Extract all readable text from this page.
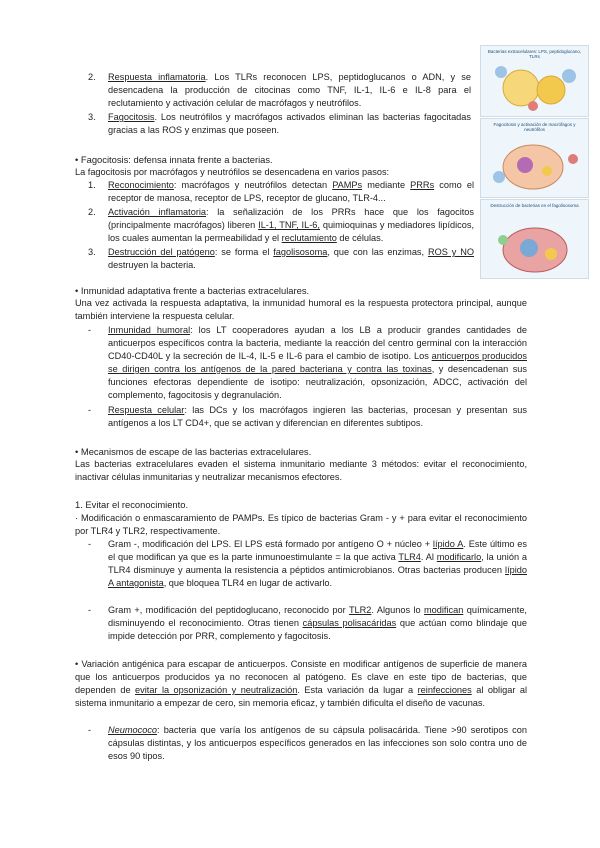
Bacterias extracelulares: LPS, peptidoglucano, TLRs
Fagocitosis y activación de macrófagos y neutrófilos
Destrucción de bacterias en el fagolisosoma
2. Respuesta inflamatoria. Los TLRs reconocen LPS, peptidoglucanos o ADN, y se desencadena la producción de citocinas como TNF, IL-1, IL-6 e IL-8 para el reclutamiento y activación celular de macrófagos y neutrófilos.
3. Fagocitosis. Los neutrófilos y macrófagos activados eliminan las bacterias fagocitadas gracias a las ROS y enzimas que poseen.
• Fagocitosis: defensa innata frente a bacterias.
La fagocitosis por macrófagos y neutrófilos se desencadena en varios pasos:
1. Reconocimiento: macrófagos y neutrófilos detectan PAMPs mediante PRRs como el receptor de manosa, receptor de LPS, receptor de glucano, TLR-4...
2. Activación inflamatoria: la señalización de los PRRs hace que los fagocitos (principalmente macrófagos) liberen IL-1, TNF, IL-6, quimioquinas y mediadores lipídicos, los cuales aumentan la permeabilidad y el reclutamiento de células.
3. Destrucción del patógeno: se forma el fagolisosoma, que con las enzimas, ROS y NO destruyen la bacteria.
• Inmunidad adaptativa frente a bacterias extracelulares.
Una vez activada la respuesta adaptativa, la inmunidad humoral es la respuesta protectora principal, aunque también interviene la respuesta celular.
- Inmunidad humoral: los LT cooperadores ayudan a los LB a producir grandes cantidades de anticuerpos específicos contra la bacteria, mediante la reacción del centro germinal con la interacción CD40-CD40L y la secreción de IL-4, IL-5 e IL-6 para el cambio de isotipo. Los anticuerpos producidos se dirigen contra los antígenos de la pared bacteriana y contra las toxinas, y desencadenan sus funciones efectoras dependiente de isotipo: neutralización, opsonización, ADCC, activación del complemento, fagocitosis y degranulación.
- Respuesta celular: las DCs y los macrófagos ingieren las bacterias, procesan y presentan sus antígenos a los LT CD4+, que se activan y diferencian en diferentes subtipos.
• Mecanismos de escape de las bacterias extracelulares.
Las bacterias extracelulares evaden el sistema inmunitario mediante 3 métodos: evitar el reconocimiento, inactivar células inmunitarias y neutralizar mecanismos efectores.
1. Evitar el reconocimiento.
· Modificación o enmascaramiento de PAMPs. Es típico de bacterias Gram - y + para evitar el reconocimiento por TLR4 y TLR2, respectivamente.
- Gram -, modificación del LPS. El LPS está formado por antígeno O + núcleo + lípido A. Este último es el que modifican ya que es la parte inmunoestimulante = la que activa TLR4. Al modificarlo, la unión a TLR4 disminuye y aumenta la resistencia a péptidos antimicrobianos. Otras bacterias producen lípido A antagonista, que bloquea TLR4 en lugar de activarlo.
- Gram +, modificación del peptidoglucano, reconocido por TLR2. Algunos lo modifican químicamente, disminuyendo el reconocimiento. Otras tienen cápsulas polisacáridas que actúan como blindaje que impide detección por PRR, complemento y fagocitosis.
• Variación antigénica para escapar de anticuerpos. Consiste en modificar antígenos de superficie de manera que los anticuerpos producidos ya no reconocen al patógeno. Es clave en este tipo de bacterias, que dependen de evitar la opsonización y neutralización. Esta variación da lugar a reinfecciones al obligar al sistema inmunitario a empezar de cero, sin memoria eficaz, y también dificulta el diseño de vacunas.
- Neumococo: bacteria que varía los antígenos de su cápsula polisacárida. Tiene >90 serotipos con cápsulas distintas, y los anticuerpos específicos generados en las infecciones son solo contra uno de esos 90 tipos.
